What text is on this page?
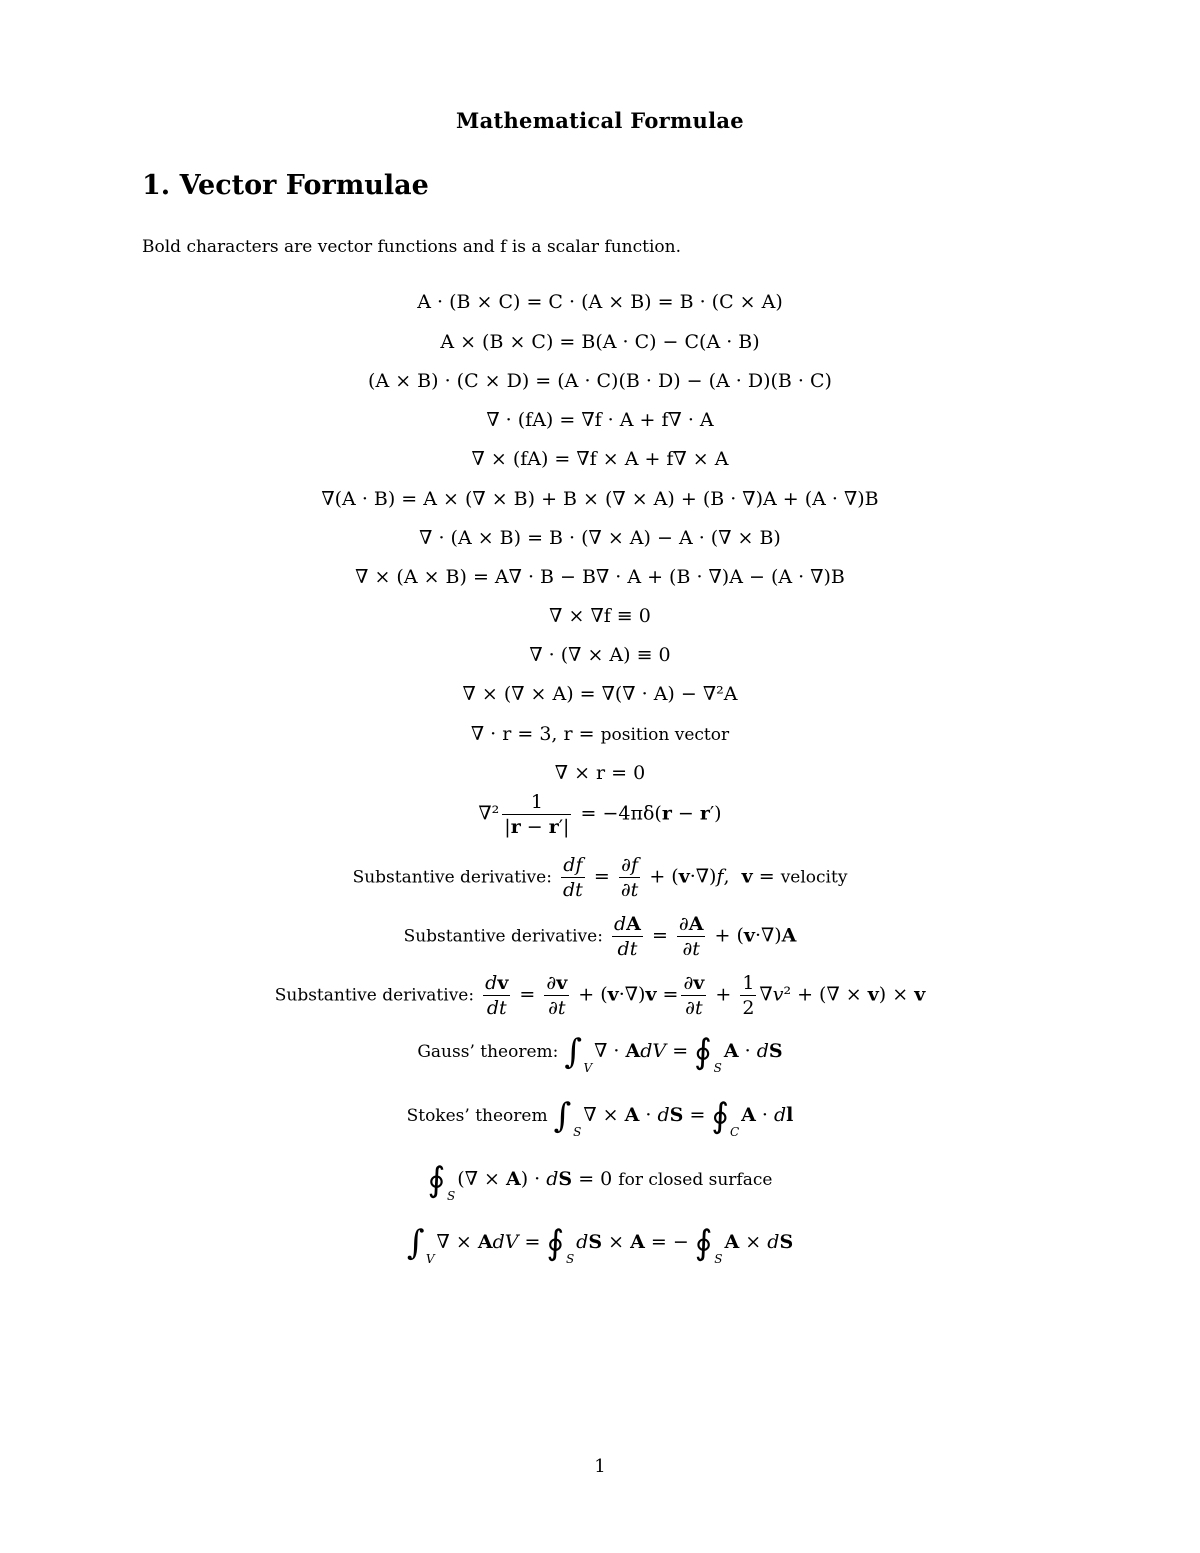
Mathematical Formulae
1. Vector Formulae
Bold characters are vector functions and f is a scalar function.
A · (B × C) = C · (A × B) = B · (C × A)
A × (B × C) = B(A · C) − C(A · B)
(A × B) · (C × D) = (A · C)(B · D) − (A · D)(B · C)
∇ · (fA) = ∇f · A + f∇ · A
∇ × (fA) = ∇f × A + f∇ × A
∇(A · B) = A × (∇ × B) + B × (∇ × A) + (B · ∇)A + (A · ∇)B
∇ · (A × B) = B · (∇ × A) − A · (∇ × B)
∇ × (A × B) = A∇ · B − B∇ · A + (B · ∇)A − (A · ∇)B
∇ × ∇f ≡ 0
∇ · (∇ × A) ≡ 0
∇ × (∇ × A) = ∇(∇ · A) − ∇²A
∇ · r = 3, r = position vector
∇ × r = 0
$\nabla^2 \frac{1}{|r - r'|} = -4\pi\delta(r - r')$
Substantive derivative: $\frac{df}{dt} = \frac{\partial f}{\partial t} + (v\cdot\nabla)f$,  v = velocity
Substantive derivative: $\frac{dA}{dt} = \frac{\partial A}{\partial t} + (v\cdot\nabla)A$
Substantive derivative: $\frac{dv}{dt} = \frac{\partial v}{\partial t} + (v\cdot\nabla)v = \frac{\partial v}{\partial t} + \frac{1}{2} \nabla v^2$ + (∇ × v) × v
Gauss’ theorem: ∫ V
∇ · AdV = ∮ S
A · dS
Stokes’ theorem ∫ S
∇ × A · dS = ∮ C
A · dl
∮ S
(∇ × A) · dS = 0 for closed surface
∫ V
∇ × AdV = ∮ S
dS × A = − ∮ S
A × dS
1
